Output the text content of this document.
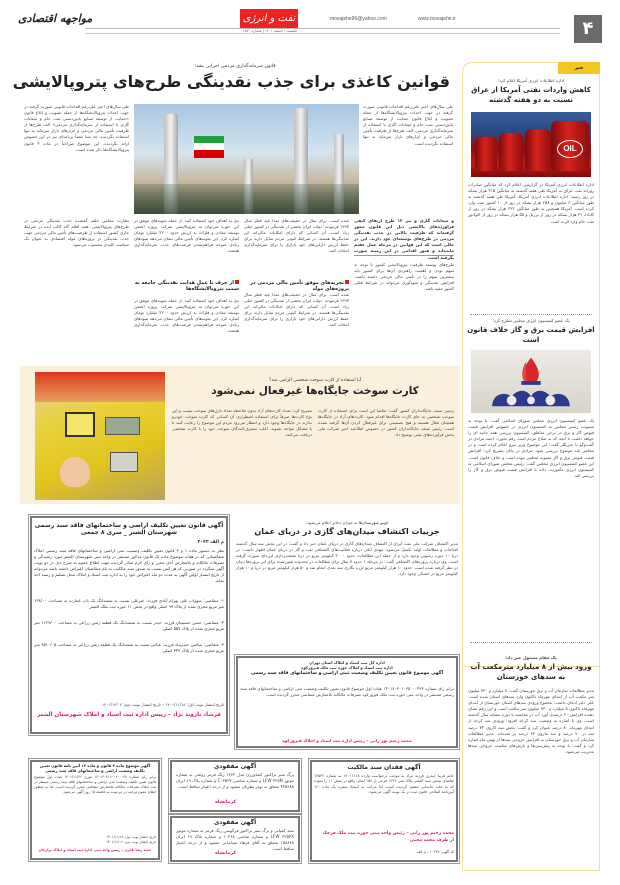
۴
www.movajehe.ir
movajehe96@yahoo.com
نفت و انرژی
یکشنبه ۱ اسفند ۱۴۰۱ | شماره ۱۵۲۰
مواجهه اقتصادی
قانون سرمایه‌گذاری مردمی اجرایی نشد؛
قوانین کاغذی برای جذب نقدینگی طرح‌های پتروپالایشی
طی سال‌های اخیر علی‌رغم اقدامات قانونی صورت گرفته در جهت احداث پتروپالایشگاه‌ها از جمله تصویب و ابلاغ قانون «حمایت از توسعه صنایع پایین‌دستی نفت خام و میعانات گازی با استفاده از سرمایه‌گذاری مردمی» الف طرح‌ها از ظرفیت تأمین مالی مردمی و ابزارهای بازار سرمایه نه تنها استفاده نگردیده، چه بسا بعضاً برنامه‌ای نیز در این خصوص ارائه نگردیده. این موضوع صراحتاً در ماده ۴ قانون پتروپالایشگاه‌ها ذکر شده است.
طی سال‌های اخیر علی‌رغم اقدامات قانونی صورت گرفته در جهت احداث پتروپالایشگاه‌ها از جمله تصویب و ابلاغ قانون حمایت از توسعه صنایع پایین‌دستی نفت خام و میعانات گازی با استفاده از سرمایه‌گذاری مردمی، الف طرح‌ها از ظرفیت تأمین مالی مردمی و ابزارهای بازار سرمایه نه تنها استفاده نگردیده است.
نظارت مجلس حلقه گمشده جذب نقدینگی مردمی در طرح‌های پتروپالایشی. همه اقلام گاه کالب ایده در شرایط جاری کشور استفاده از ظرفیت‌های تأمین مالی مردمی جهت جذب نقدینگی در پروژه‌های مولد اقتصادی به عنوان یک سیاست کلیدی محسوب می‌شود.
تیل به اهداف خود استفاده کنند. از جمله نمونه‌های موفق در این حوزه می‌توان به پتروپالایشی شرکت پروژه انجمن توسعه معادن و فلزات به ارزش حدود ۲۲۰۰ میلیارد تومان اشاره کرد. این نمونه‌های تأمین مالی نشان می‌دهد سودهای زیادی متوجه فراهم‌شدن فرصت‌های جذب سرمایه‌گذاری هستند.
از حرف تا عمل هدایت نقدینگی جامعه به سمت پتروپالایشگاه‌ها
تیل به اهداف خود استفاده کنند. از جمله نمونه‌های موفق در این حوزه می‌توان به پتروپالایشی شرکت پروژه انجمن توسعه معادن و فلزات به ارزش حدود ۲۲۰۰ میلیارد تومان اشاره کرد. این نمونه‌های تأمین مالی نشان می‌دهد سودهای زیادی متوجه فراهم‌شدن فرصت‌های جذب سرمایه‌گذاری هستند.
شده است. برای مثال در حقیقت‌های تمدا عید فطر سال ۱۳۹۷ فرمودند: دولت ایران بخشی از نقدینگی در کشور خیلی زیاد است. آن کسانی که دارای امکانات مالی‌اند این نقدینگی‌ها هستند. در شرایط کنونی مردم تمایل دارند برای حفظ ارزش دارایی‌های خود بازاری را برای سرمایه‌گذاری انتخاب کنند.
تجربه‌های موفق تأمین مالی مردمی در پروژه‌های مولد
شده است. برای مثال در حقیقت‌های تمدا عید فطر سال ۱۳۹۷ فرمودند: دولت ایران بخشی از نقدینگی در کشور خیلی زیاد است. آن کسانی که دارای امکانات مالی‌اند این نقدینگی‌ها هستند. در شرایط کنونی مردم تمایل دارند برای حفظ ارزش دارایی‌های خود بازاری را برای سرمایه‌گذاری انتخاب کنند.
و میعانات گازی و نیز ۱۲ طرح ارتقای کیفی فراورده‌های پالایشی ذیل این قانون مجوز گرفته‌اند که ظرفیت بالایی در جذب نقدینگی مردمی در طرح‌های توسعه‌ای خود دارند. این در حالی است که این قوانین در مرحله عمل عقیم مانده‌اند و هنوز اقدامی در این زمینه صورت نگرفته است.
طرح‌های توسعه ظرفیت پتروپالایشی کشور با توجه به سهم بودن و اهمیت راهبردی آن‌ها برای کشور باید بیشترین سهم را در تأمین مالی مردمی داشته باشند. افزایش نقدینگی و سودآوری می‌تواند در شرایط فعلی کشور مفید باشد.
خبر
اداره اطلاعات انرژی آمریکا اعلام کرد:
کاهش واردات نفتی آمریکا از عراق نسبت به دو هفته گذشته
OIL
اداره اطلاعات انرژی آمریکا در گزارشی اعلام کرد که میانگین صادرات روزانه نفت عراق به آمریکا طی هفته گذشته به میانگین ۲۱۵ هزار بشکه در روز رسید. اداره اطلاعات انرژی آمریکا، آمریکا طی هفته گذشته به طور میانگین ۶ میلیون و ۲۵۸ هزار بشکه در روز از ۱۰ کشور نفت وارد کرده است. آمریکا همچنین به طور میانگین ۲۲۲ هزار بشکه در روز از کانادا، ۳۱ هزار بشکه در روز از برزیل و ۵۵ هزار بشکه در روز از اکوادور نفت خام وارد کرده است.
یک عضو کمیسیون انرژی مجلس مطرح کرد:
افزایش قیمت برق و گاز خلاف قانون است
یک عضو کمیسیون انرژی مجلس شورای اسلامی گفت: با توجه به مصوبت رئیس مجلس به کمیسیون انرژی در خصوص افزایش قیمت قبوض گاز و برق در برخی مناطق، کمیسیون بررسی همه جانبه ای را خواهد داشت تا آنچه که به صلاح مردم است رقم بخورد. احمد مرادی در گفت‌وگو با خبرنگار گفت: این موضوع وزیر نیرو اعلام کرده است و در مجلس باید موضوع بررسی شود. مرادی در پایان تصریح کرد: افزایش قیمت قبوض برق و گاز مصوبه مجلس نبوده است و خلاف قانون است. این عضو کمیسیون انرژی مجلس گفت: رئیس مجلس شورای اسلامی به کمیسیون انرژی مأموریت داده تا افزایش قیمت قبوض برق و گاز را بررسی کند.
یک مقام مسئول خبر داد:
ورود بیش از ۸ میلیارد مترمکعب آب به سدهای خوزستان
مدیر مطالعات سازمان آب و برق خوزستان گفت: ۸ میلیارد و ۷۳۰ میلیون متر مکعب آب از ابتدای مهرماه تاکنون وارد سدهای استان شده است. علی دلیر اذعان داشت: مجموع ورودی سدهای استان خوزستان از ابتدای مهرماه تاکنون ۸ میلیارد و ۷۳۰ میلیون متر مکعب است و این رقم نشان دهنده افزایش ۲۰ درصدی آورد آب در مقایسه با دوره مشابه سال گذشته است. وی با اشاره به وضعیت سد کرخه افزود: ورودی سد کرخه از ابتدای مهرماه ۸۰ درصد عنوان کرد و گفت: بخش سد کارون ۷۴ درصد سد دز ۷۰ درصد و سد مارون ۶۳ درصد پر شده‌اند. مدیر مطالعات سازمان آب و برق خوزستان به افزایش خروجی سدها از بهمن ماه اشاره کرد و گفت: با توجه به پیش‌بینی‌ها و بارش‌های مناسب خروجی سدها مدیریت می‌شود.
آیا استفاده از کارت سوخت شخصی الزامی شد؟
کارت سوخت جایگاه‌ها غیرفعال نمی‌شود
تصریح کرد: تعداد کارت‌های آزاد بدون ملاحظه تعداد نازل‌های سوخت نیست و این نوع کارت‌ها صرفاً برای استفاده اضطراری آن کسانی که کارت سوخت خودرو ندارند در جایگاه‌ها وجود دارد و انتظار می‌رود مردم این موضوع را رعایت کنند تا با مشکل مواجه نشوند. اغلب مصرف‌کنندگان سوخت خود را با کارت شخصی دریافت می‌کنند.
رئیس صنف جایگاه‌داران کشور گفت: تقاضا این است برای استفاده از کارت سوخت شخصی به جای کارت جایگاه‌ها اقدام شود. کارت‌های آزاد در جایگاه‌ها همچنان فعال هستند و هیچ تصمیمی برای غیرفعال کردن آن‌ها گرفته نشده است. رئیس صنف جایگاه‌داران کشور در خصوص اطلاعیه اخیر شرکت ملی پخش فرآورده‌های نفتی توضیح داد.
اوپیو شهرستان‌ها به میزان ذخایر اعلام می‌شود:
جزییات اکتشاف میدان‌های گازی در دریای عمان
مدیر اکتشاف شرکت ملی نفت ایران از اکتشاف میدان‌های گازی در دریای عمان خبر داد و گفت: در این بخش سه سال گذشته اقدامات و مطالعات اولیه تکمیل می‌شود. مهدی انکی درباره فعالیت‌های اکتشافی نفت و گاز در دریای عمان اظهار داشت: در دریا ۱۰ حوزه رسوبی وجود دارد و از جمله این مطالعات، حدود ۲۰۰۰ کیلومتر مربع در دریا نقشه‌برداری لرزه‌ای صورت گرفته است. وی درباره پروژه‌های اکتشافی گفت: در مرحله ۱ حدود ۷ سال برای مطالعات در محدوده تعیین‌شده برای این پروژه‌ها زمان در نظر گرفته شده است. حدود ۱۰ هزار کیلومتر مربع لرزه نگاری سه بعدی انجام شد و ۵۰ هزار کیلومتر مربع در دریا و ۱۰ هزار کیلومتر مربع در خشکی وجود دارد.
آگهی قانون تعیین تکلیف اراضی و ساختمانهای فاقد سند رسمی شهرستان الشتر _ سری ۸ جمعی
م الف ۳۰۴۲
نظر به دستور ماده ۱ و ۳ قانون تعیین تکلیف وضعیت ثبتی اراضی و ساختمانهای فاقد سند رسمی املاک متقاضیانی که در هیات موضوع ماده یک قانون مذکور مستقر در واحد ثبتی شهرستان الشتر مورد رسیدگی و تصرفات مالکانه و بلامعارض آنان محرز و رای لازم صادر گردیده جهت اطلاع عموم به شرح ذیل در دو نوبت آگهی میگردد در صورتی که هر کس نسبت به صدور سند مالکیت به نام متقاضیان اعتراض داشته باشد می‌تواند از تاریخ انتشار اولین آگهی به مدت دو ماه اعتراض خود را به اداره ثبت اسناد و املاک محل تسلیم و رسید اخذ نماید.
۱- متقاضی: سهراب علی بهرام آبادی فرزند: خیرعلی نسبت به ششدانگ یک باب عمارت به مساحت ۱۲۸/۰۰ متر مربع مجزی شده از پلاک ۹۷ اصلی واقع در بخش ۱۱ حوزه ثبت ملک الشتر
۲- متقاضی: حسن حسینیان فرزند: حیدر نسبت به ششدانگ یک قطعه زمین زراعی به مساحت ۱۱۲۹/۰۰ متر مربع مجزی شده از پلاک ۵۵۷ اصلی
۳- متقاضی: بنیامین حیدرپناه فرزند: عباس نسبت به ششدانگ یک قطعه زمین زراعی به مساحت ۹۵۱۰/۰۵ متر مربع مجزی شده از پلاک ۷۴۹ اصلی
تاریخ انتشار نوبت اول: ۱۴۰۱/۱۱/۱۸ – تاریخ انتشار نوبت دوم: ۱۴۰۱/۱۲/۰۲
فرشاد بازوند نژاد – رییس اداره ثبت اسناد و املاک شهرستان الشتر
اداره کل ثبت اسناد و املاک استان تهران
اداره ثبت اسناد و املاک حوزه ثبت ملک فیروزکوه
آگهی موضوع قانون تعیین تکلیف وضعیت ثبتی اراضی و ساختمانهای فاقد سند رسمی
برابر رای شماره ۱۴۰۱۶۰۳۰۱۰۳۵۰۰۰۴۳۳ هیات اول موضوع قانون تعیین تکلیف وضعیت ثبتی اراضی و ساختمانهای فاقد سند رسمی مستقر در واحد ثبتی حوزه ثبت ملک فیروزکوه تصرفات مالکانه بلامعارض متقاضی محرز گردیده است.
محمد رحیم پور رانی – رییس اداره ثبت اسناد و املاک فیروزکوه
آگهی موضوع ماده ۳ قانون و ماده ۱۳ آئین نامه قانون تعیین تکلیف وضعیت اراضی و ساختمانهای فاقد سند رسمی
برابر رای شماره ۱۴۰۱۶۰۳۱۶۰۰۲۰۰۰۴۷ مورخ ۱۴۰۱/۱۱/۲۶ هیات اول موضوع قانون تعیین تکلیف وضعیت ثبتی اراضی و ساختمانهای فاقد سند رسمی مستقر در ثبت املاک تصرفات مالکانه بلامعارض متقاضی محرز گردیده است. لذا به منظور اطلاع عموم مراتب در دو نوبت به فاصله ۱۵ روز آگهی می‌شود.
تاریخ انتشار نوبت اول: ۱۴۰۱/۱۱/۱۸
تاریخ انتشار نوبت دوم: ۱۴۰۱/۱۲/۰۲
حمید رضا باقری – رییس واحد ثبتی اداره ثبت اسناد و املاک برازجان
آگهی مفقودی
برگ سبز تراکتور کشاورزی مدل ۱۳۶۳ رنگ قرمز روغنی به شماره موتور LFW ۳۲۵N و شماره شاسی C۰۳۵۳۷ و شماره پلاک ۱۹ ایران ۴۴۵۳۸۸ متعلق به نوذر نظریان مفقود و از درجه اعتبار ساقط است.
کرمانشاه
آگهی مفقودی
سند کمپانی و برگ سبز تراکتور فرگوسن رنگ قرمز به شماره موتور LFW ۳۲۵۴X و شماره شاسی ۱۰۲۶۸ و شماره پلاک ۱۹ ایران ۱۵۸۸۶۸ متعلق به آقای فرهاد سیاه‌بانی مفقود و از درجه اعتبار ساقط است.
کرمانشاه
آگهی فقدان سند مالکیت
خانم فریبا حیدری فرزند مراد به موجب درخواست وارده ۱۴۰۱۱۱۱۸ به شماره ۱۳۵۳۲ تقاضای صدور سند المثنی پلاک ثبتی ۱۲۲۴ فرعی از ۱۵۴ اصلی واقع در بخش ۱۱ را نموده که به علت جابجایی مفقود گردیده است. لذا مراتب به استناد تبصره یک ماده ۱۲۰ آیین‌نامه اصلاحی قانون ثبت در یک نوبت آگهی می‌شود.
محمد رحیم پور رانی – رئیس واحد ثبتی حوزه ثبت ملک فرچک
از طرف محمد محبی
کد آگهی: ۱۰۴۳۸ – م الف
